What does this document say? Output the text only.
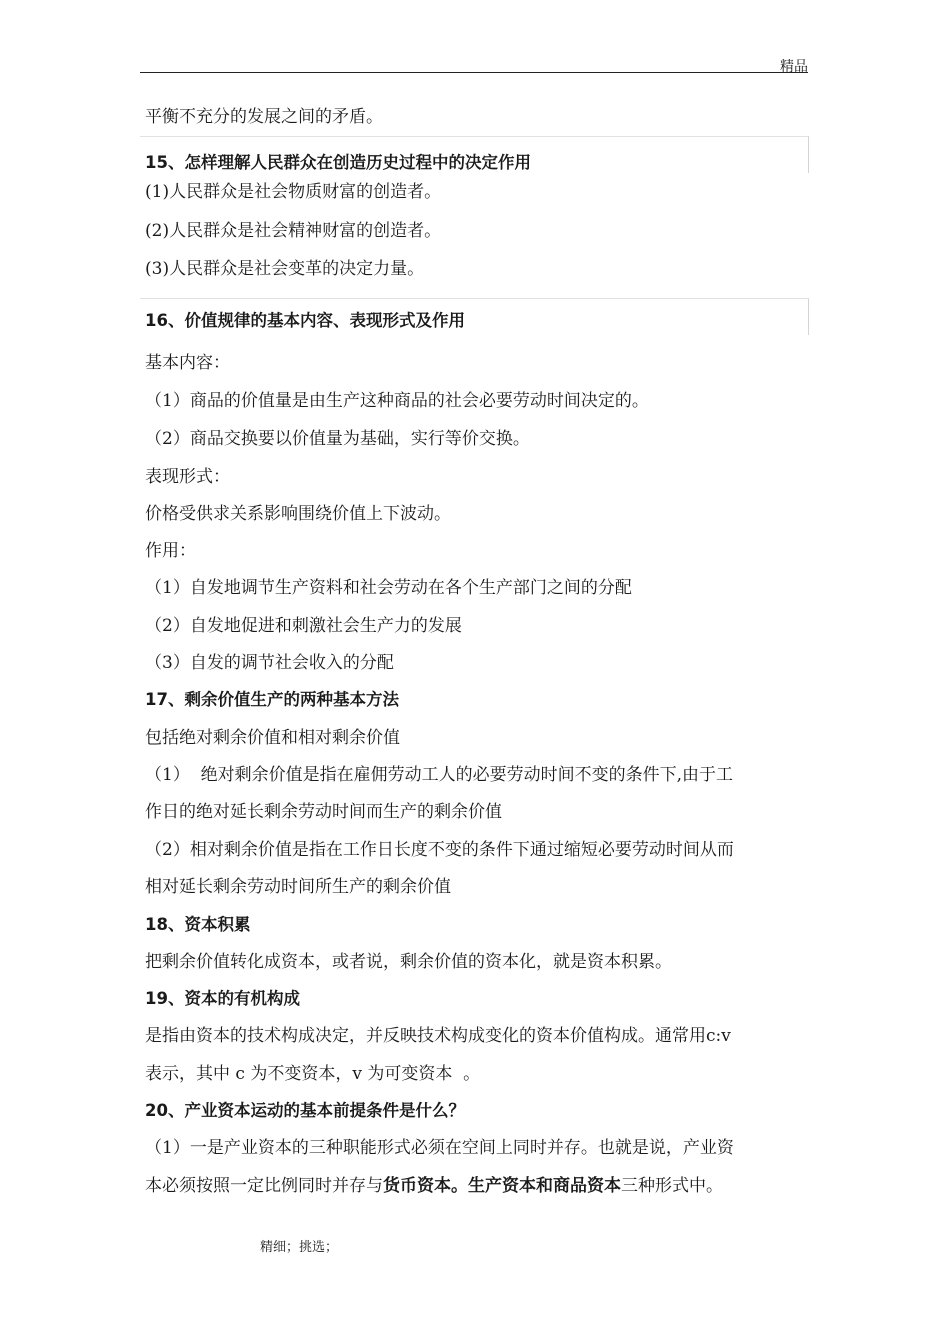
精品
平衡不充分的发展之间的矛盾。
15、怎样理解人民群众在创造历史过程中的决定作用
(1)人民群众是社会物质财富的创造者。
(2)人民群众是社会精神财富的创造者。
(3)人民群众是社会变革的决定力量。
16、价值规律的基本内容、表现形式及作用
基本内容：
（1）商品的价值量是由生产这种商品的社会必要劳动时间决定的。
（2）商品交换要以价值量为基础，实行等价交换。
表现形式：
价格受供求关系影响围绕价值上下波动。
作用：
（1）自发地调节生产资料和社会劳动在各个生产部门之间的分配
（2）自发地促进和刺激社会生产力的发展
（3）自发的调节社会收入的分配
17、剩余价值生产的两种基本方法
包括绝对剩余价值和相对剩余价值
（1）  绝对剩余价值是指在雇佣劳动工人的必要劳动时间不变的条件下,由于工
作日的绝对延长剩余劳动时间而生产的剩余价值
（2）相对剩余价值是指在工作日长度不变的条件下通过缩短必要劳动时间从而
相对延长剩余劳动时间所生产的剩余价值
18、资本积累
把剩余价值转化成资本，或者说，剩余价值的资本化，就是资本积累。
19、资本的有机构成
是指由资本的技术构成决定，并反映技术构成变化的资本价值构成。通常用c:v
表示，其中 c 为不变资本，v 为可变资本  。
20、产业资本运动的基本前提条件是什么？
（1）一是产业资本的三种职能形式必须在空间上同时并存。也就是说，产业资
本必须按照一定比例同时并存与货币资本。生产资本和商品资本三种形式中。
精细；挑选；
